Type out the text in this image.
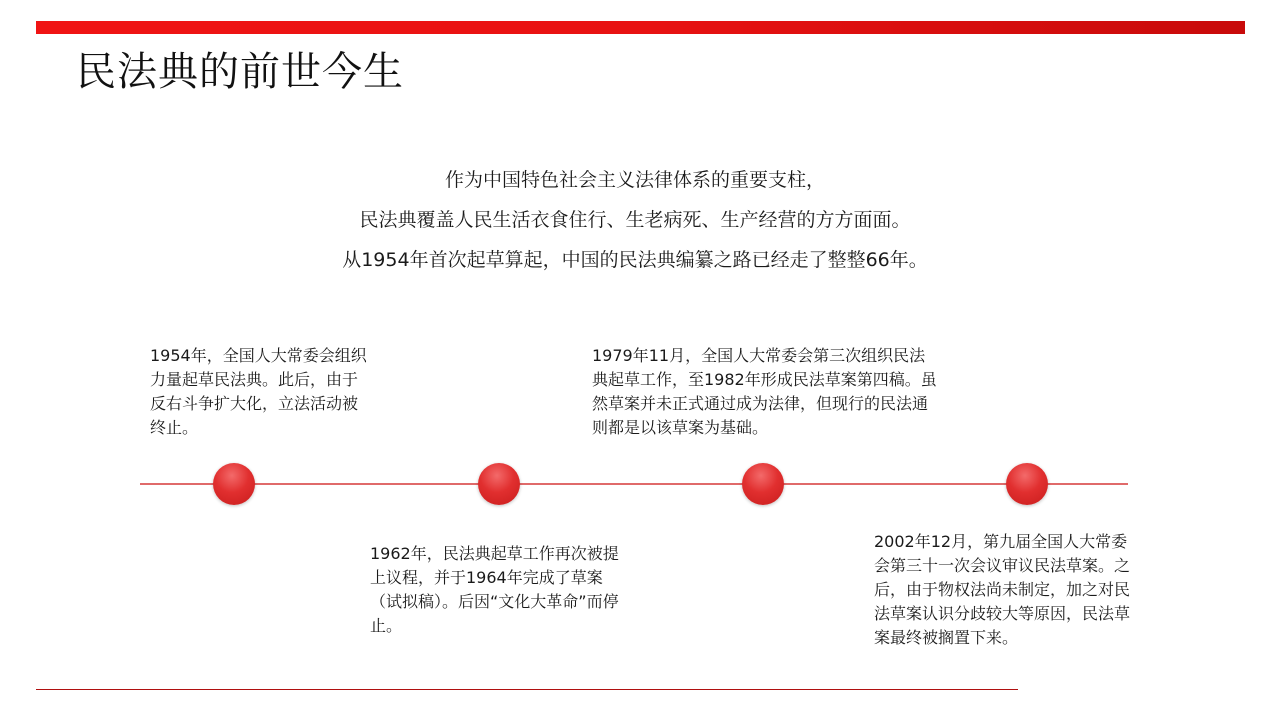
民法典的前世今生
作为中国特色社会主义法律体系的重要支柱，
民法典覆盖人民生活衣食住行、生老病死、生产经营的方方面面。
从1954年首次起草算起，中国的民法典编纂之路已经走了整整66年。
1954年，全国人大常委会组织力量起草民法典。此后，由于反右斗争扩大化，立法活动被终止。
1979年11月，全国人大常委会第三次组织民法典起草工作，至1982年形成民法草案第四稿。虽然草案并未正式通过成为法律，但现行的民法通则都是以该草案为基础。
1962年，民法典起草工作再次被提上议程，并于1964年完成了草案（试拟稿）。后因“文化大革命”而停止。
2002年12月，第九届全国人大常委会第三十一次会议审议民法草案。之后，由于物权法尚未制定，加之对民法草案认识分歧较大等原因，民法草案最终被搁置下来。
